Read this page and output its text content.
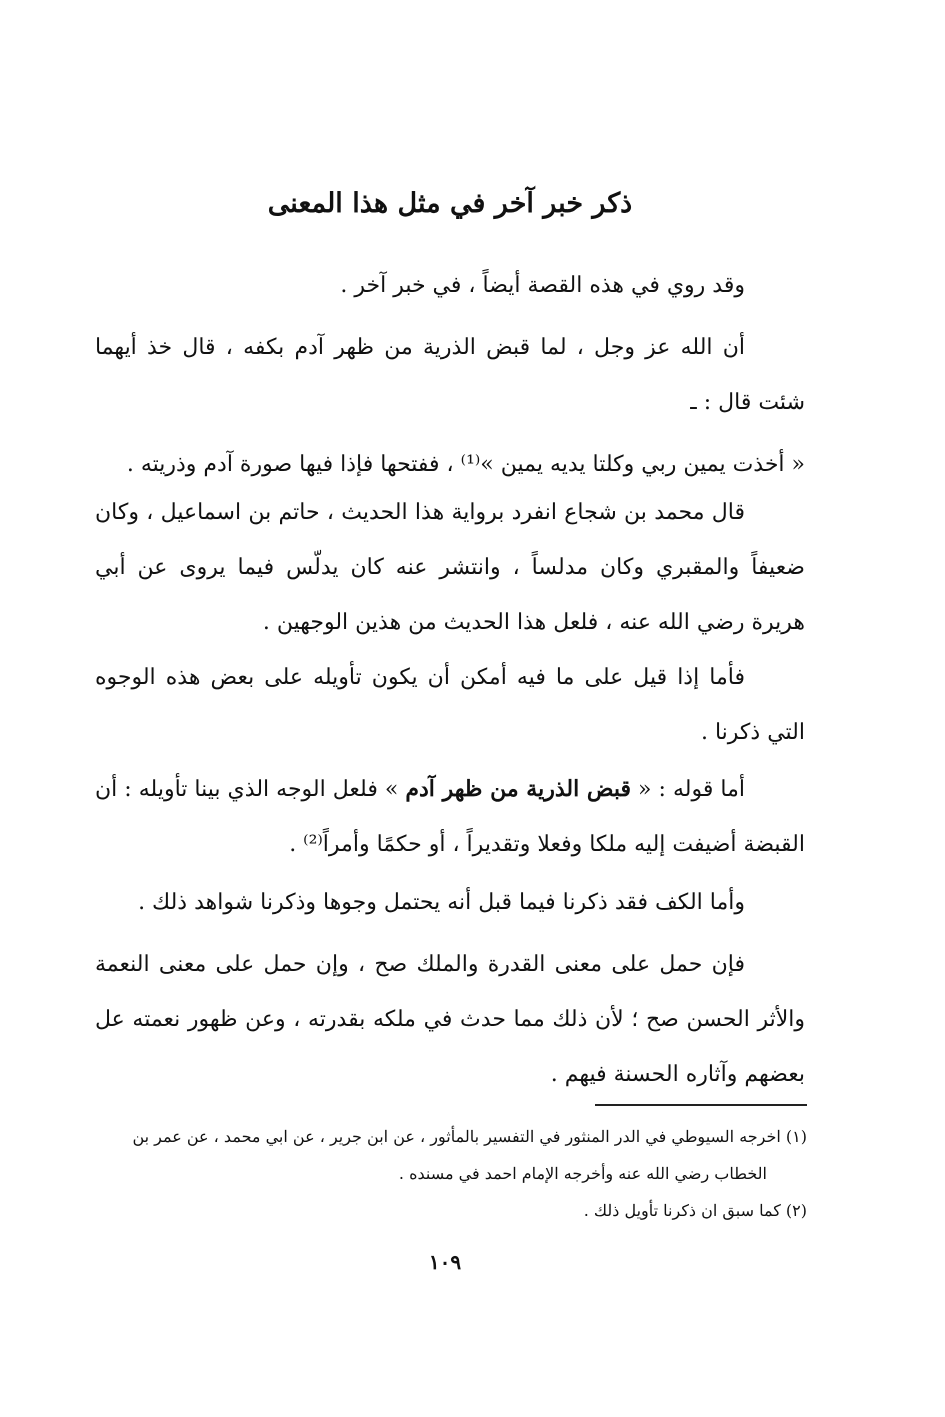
ذكر خبر آخر في مثل هذا المعنى

وقد روي في هذه القصة أيضاً ، في خبر آخر .

أن الله عز وجل ، لما قبض الذرية من ظهر آدم بكفه ، قال خذ أيهما شئت قال : ـ

« أخذت يمين ربي وكلتا يديه يمين »⁽¹⁾ ، ففتحها فإذا فيها صورة آدم وذريته .

قال محمد بن شجاع انفرد برواية هذا الحديث ، حاتم بن اسماعيل ، وكان ضعيفاً والمقبري وكان مدلساً ، وانتشر عنه كان يدلّس فيما يروى عن أبي هريرة رضي الله عنه ، فلعل هذا الحديث من هذين الوجهين .

فأما إذا قيل على ما فيه أمكن أن يكون تأويله على بعض هذه الوجوه التي ذكرنا .

أما قوله : « قبض الذرية من ظهر آدم » فلعل الوجه الذي بينا تأويله : أن القبضة أضيفت إليه ملكا وفعلا وتقديراً ، أو حكمًا وأمراً⁽²⁾ .

وأما الكف فقد ذكرنا فيما قبل أنه يحتمل وجوها وذكرنا شواهد ذلك .

فإن حمل على معنى القدرة والملك صح ، وإن حمل على معنى النعمة والأثر الحسن صح ؛ لأن ذلك مما حدث في ملكه بقدرته ، وعن ظهور نعمته عل بعضهم وآثاره الحسنة فيهم .

(١) اخرجه السيوطي في الدر المنثور في التفسير بالمأثور ، عن ابن جرير ، عن ابي محمد ، عن عمر بن

الخطاب رضي الله عنه وأخرجه الإمام احمد في مسنده .

(٢) كما سبق ان ذكرنا تأويل ذلك .

١٠٩
